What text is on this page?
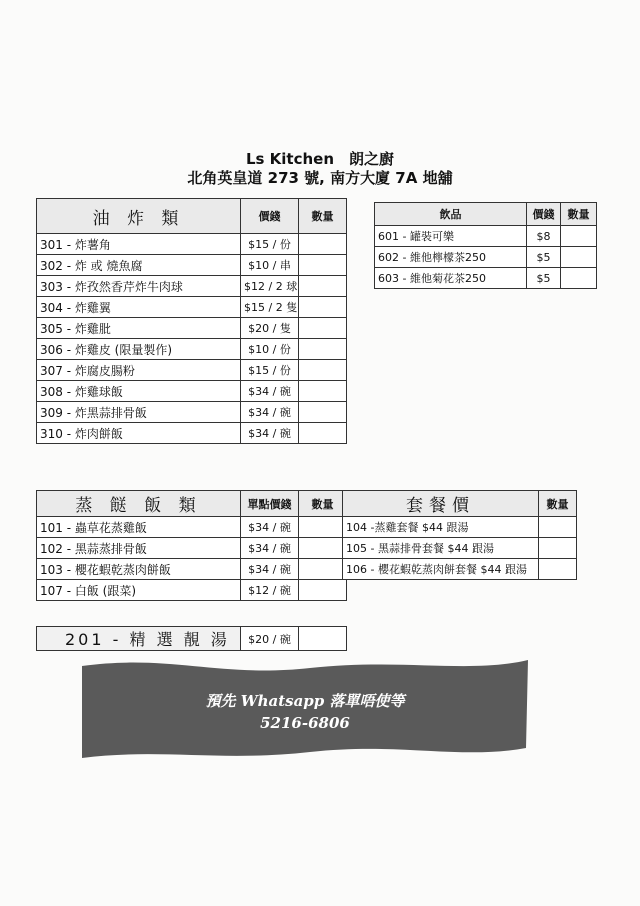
Ls Kitchen　朗之廚
北角英皇道 273 號, 南方大廈 7A 地舖
油 炸 類	價錢	數量
301 - 炸薯角	$15 / 份	
302 - 炸 或 燒魚腐	$10 / 串	
303 - 炸孜然香芹炸牛肉球	$12 / 2 球	
304 - 炸雞翼	$15 / 2 隻	
305 - 炸雞肶	$20 / 隻	
306 - 炸雞皮 (限量製作)	$10 / 份	
307 - 炸腐皮腸粉	$15 / 份	
308 - 炸雞球飯	$34 / 碗	
309 - 炸黑蒜排骨飯	$34 / 碗	
310 - 炸肉餅飯	$34 / 碗	
飲品	價錢	數量
601 - 罐裝可樂	$8	
602 - 維他檸檬茶250	$5	
603 - 維他菊花茶250	$5	
蒸 餸 飯 類	單點價錢	數量
101 - 蟲草花蒸雞飯	$34 / 碗	
102 - 黑蒜蒸排骨飯	$34 / 碗	
103 - 櫻花蝦乾蒸肉餅飯	$34 / 碗	
107 - 白飯 (跟菜)	$12 / 碗	
套餐價	數量
104 -蒸雞套餐 $44 跟湯	
105 - 黑蒜排骨套餐 $44 跟湯	
106 - 櫻花蝦乾蒸肉餅套餐 $44 跟湯	
201 - 精 選 靚 湯	$20 / 碗	
預先 Whatsapp 落單唔使等
5216-6806
